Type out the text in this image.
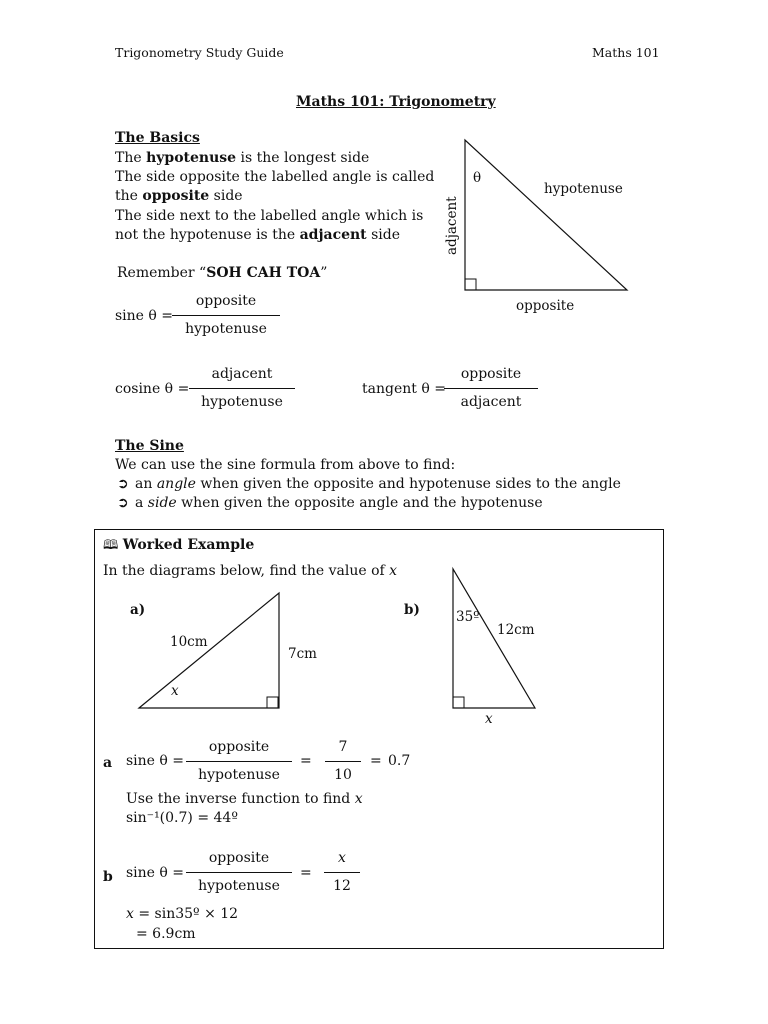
Trigonometry Study Guide	Maths 101
Maths 101: Trigonometry
The Basics
The hypotenuse is the longest side
The side opposite the labelled angle is called
the opposite side
The side next to the labelled angle which is
not the hypotenuse is the adjacent side
Remember “SOH CAH TOA”
θ
hypotenuse
adjacent
opposite
a)
10cm
7cm
x
b)	35º
12cm
x
sine θ =
opposite
hypotenuse
cosine θ =
adjacent
hypotenuse
tangent θ =
opposite
adjacent
The Sine
We can use the sine formula from above to find:
➲ an angle when given the opposite and hypotenuse sides to the angle
➲ a side when given the opposite angle and the hypotenuse
🕮 Worked Example
In the diagrams below, find the value of x
a sine θ =
opposite
hypotenuse
=
7
10
= 0.7
Use the inverse function to find x
sin⁻¹(0.7) = 44º
b sine θ =
opposite
hypotenuse
=
x
12
x = sin35º × 12
= 6.9cm
